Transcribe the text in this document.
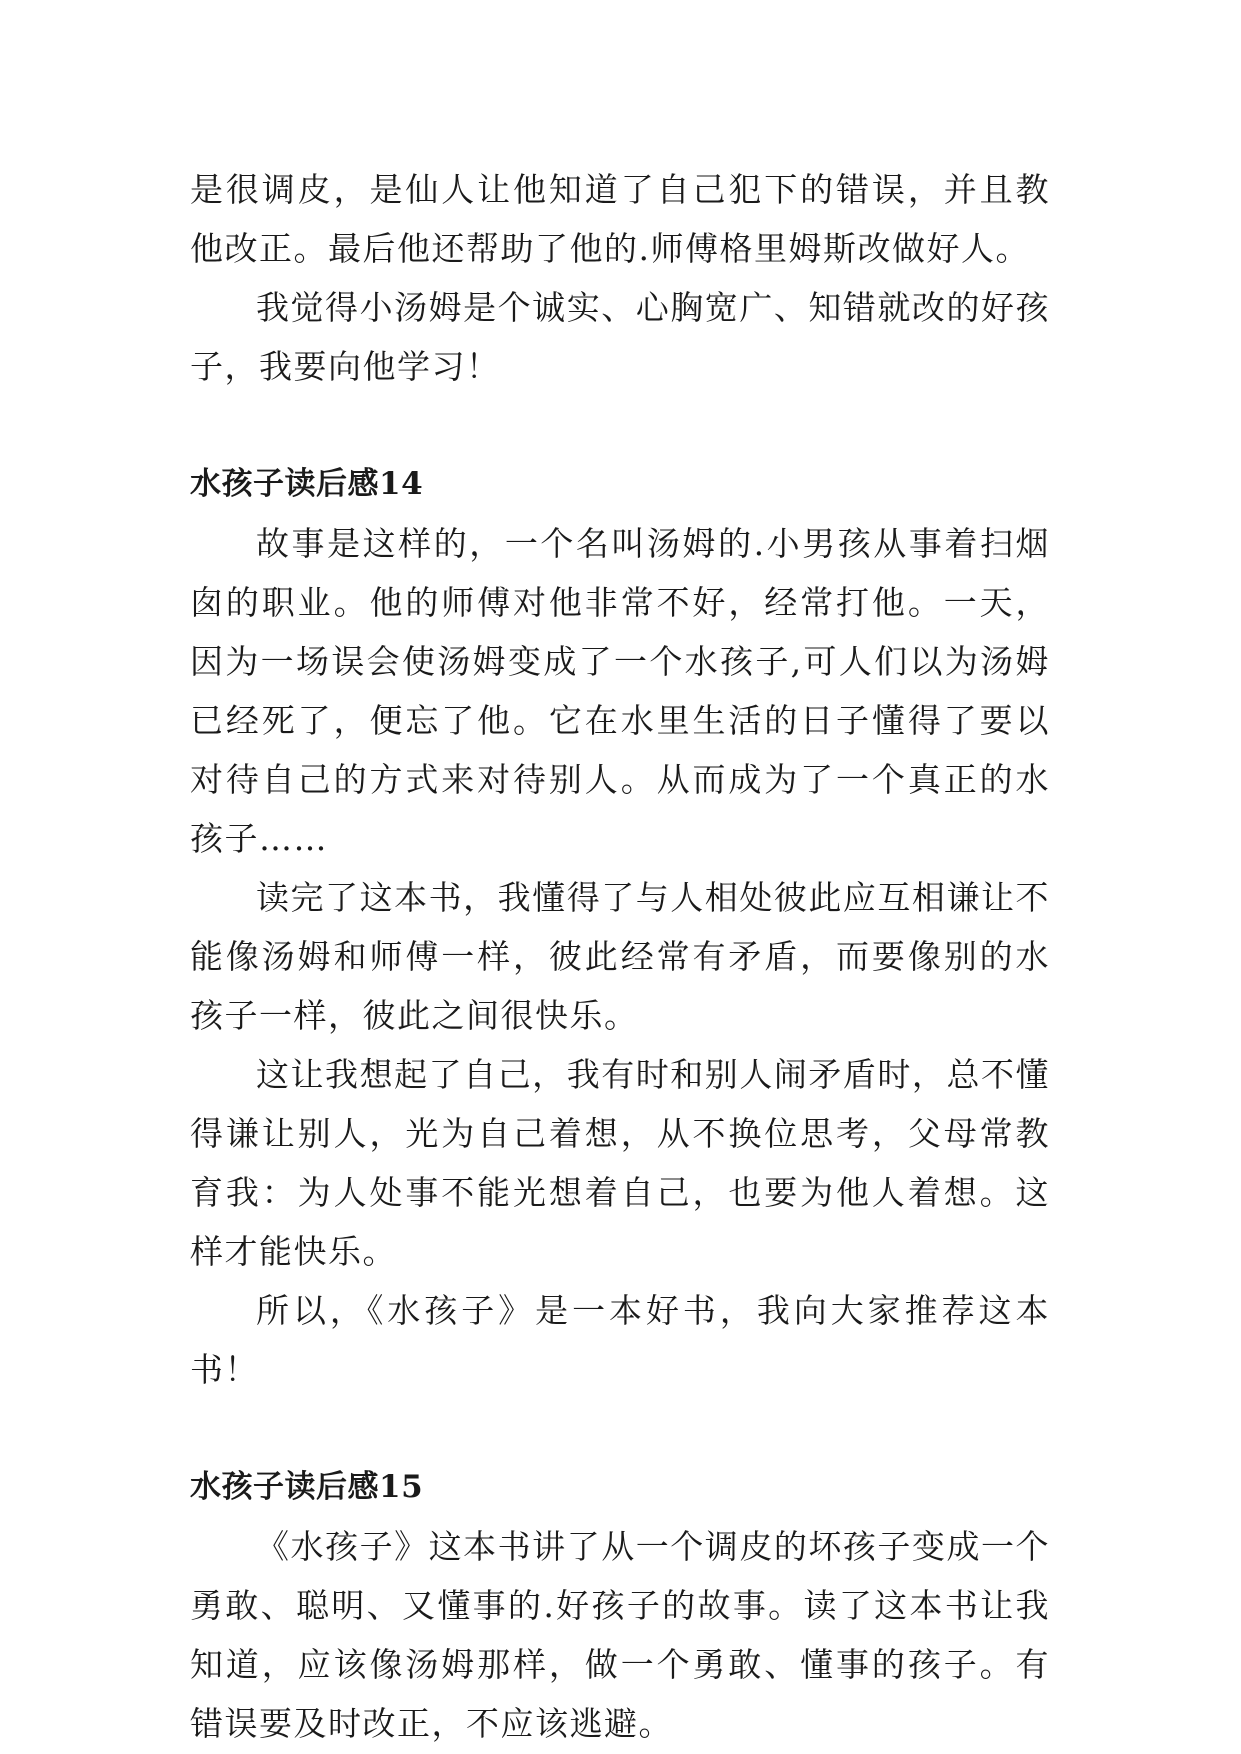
是很调皮，是仙人让他知道了自己犯下的错误，并且教他改正。最后他还帮助了他的.师傅格里姆斯改做好人。

我觉得小汤姆是个诚实、心胸宽广、知错就改的好孩子，我要向他学习！

水孩子读后感14

故事是这样的，一个名叫汤姆的.小男孩从事着扫烟囱的职业。他的师傅对他非常不好，经常打他。一天，因为一场误会使汤姆变成了一个水孩子,可人们以为汤姆已经死了，便忘了他。它在水里生活的日子懂得了要以对待自己的方式来对待别人。从而成为了一个真正的水孩子……

读完了这本书，我懂得了与人相处彼此应互相谦让不能像汤姆和师傅一样，彼此经常有矛盾，而要像别的水孩子一样，彼此之间很快乐。

这让我想起了自己，我有时和别人闹矛盾时，总不懂得谦让别人，光为自己着想，从不换位思考，父母常教育我：为人处事不能光想着自己，也要为他人着想。这样才能快乐。

所以，《水孩子》是一本好书，我向大家推荐这本书！

水孩子读后感15

《水孩子》这本书讲了从一个调皮的坏孩子变成一个勇敢、聪明、又懂事的.好孩子的故事。读了这本书让我知道，应该像汤姆那样，做一个勇敢、懂事的孩子。有错误要及时改正，不应该逃避。
